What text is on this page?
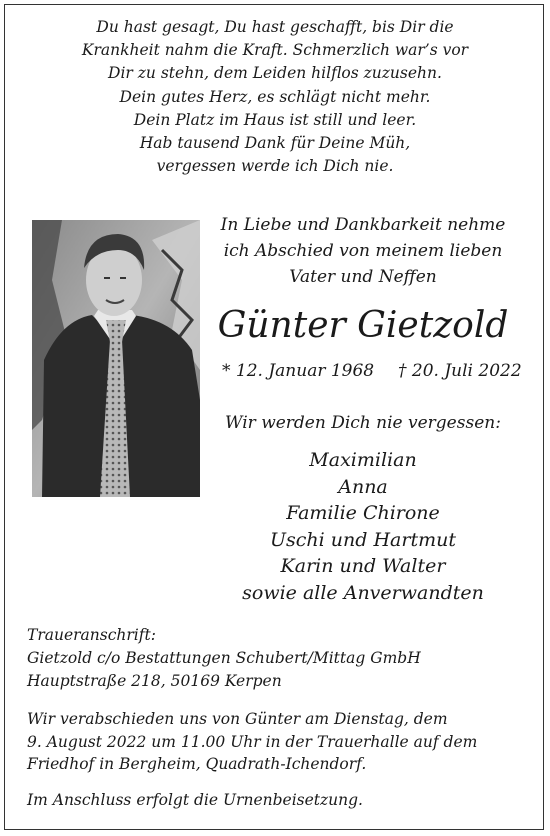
Du hast gesagt, Du hast geschafft, bis Dir die
Krankheit nahm die Kraft. Schmerzlich war’s vor
Dir zu stehn, dem Leiden hilflos zuzusehn.
Dein gutes Herz, es schlägt nicht mehr.
Dein Platz im Haus ist still und leer.
Hab tausend Dank für Deine Müh,
vergessen werde ich Dich nie.
In Liebe und Dankbarkeit nehme
ich Abschied von meinem lieben
Vater und Neffen
Günter Gietzold
* 12. Januar 1968 † 20. Juli 2022
Wir werden Dich nie vergessen:
Maximilian
Anna
Familie Chirone
Uschi und Hartmut
Karin und Walter
sowie alle Anverwandten
Traueranschrift:
Gietzold c/o Bestattungen Schubert/Mittag GmbH
Hauptstraße 218, 50169 Kerpen
Wir verabschieden uns von Günter am Dienstag, dem
9. August 2022 um 11.00 Uhr in der Trauerhalle auf dem
Friedhof in Bergheim, Quadrath-Ichendorf.
Im Anschluss erfolgt die Urnenbeisetzung.
